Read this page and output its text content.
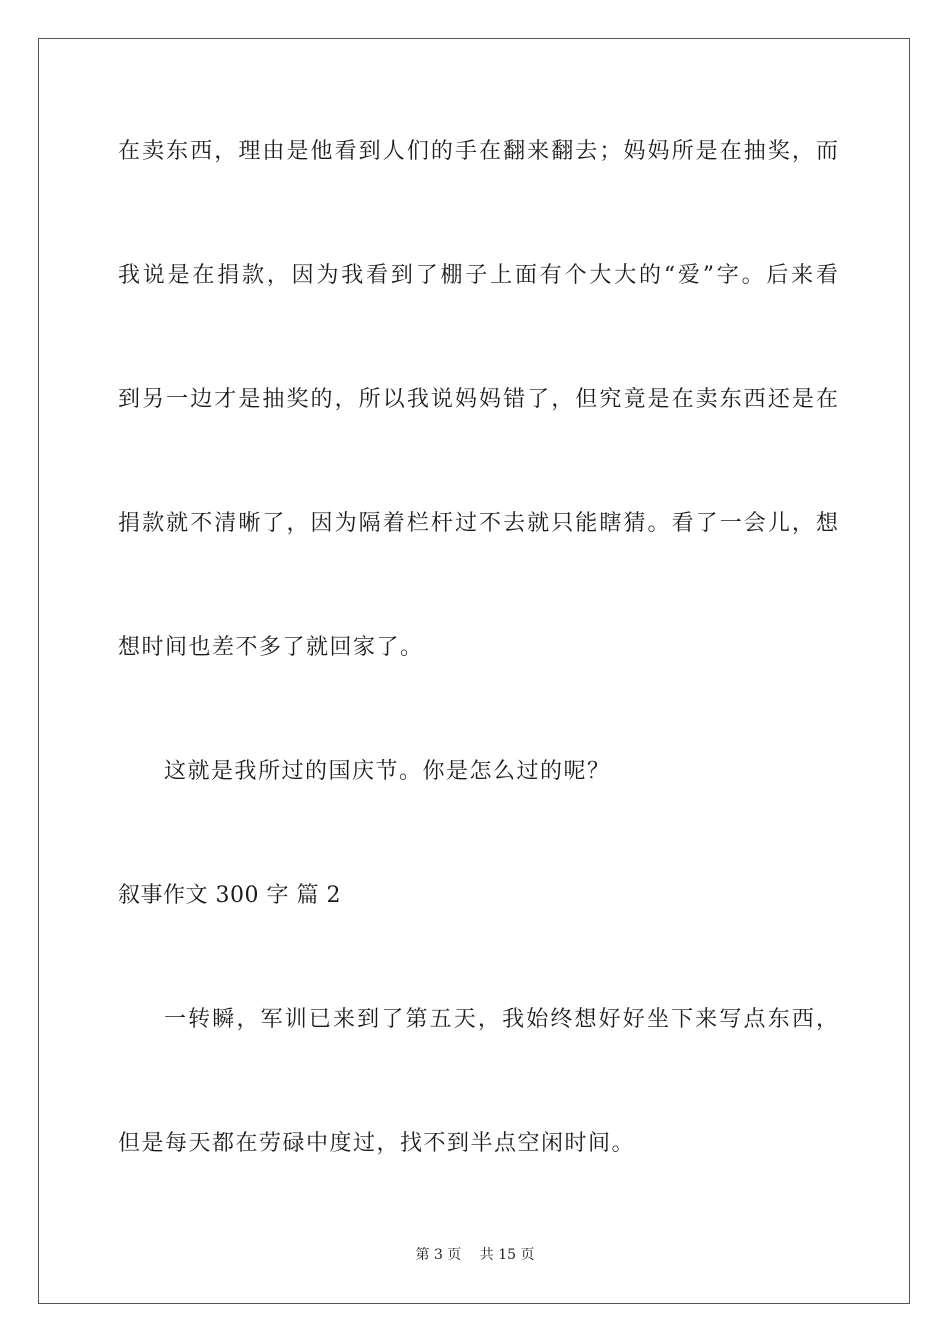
在卖东西，理由是他看到人们的手在翻来翻去；妈妈所是在抽奖，而
我说是在捐款，因为我看到了棚子上面有个大大的“爱”字。后来看
到另一边才是抽奖的，所以我说妈妈错了，但究竟是在卖东西还是在
捐款就不清晰了，因为隔着栏杆过不去就只能瞎猜。看了一会儿，想
想时间也差不多了就回家了。
这就是我所过的国庆节。你是怎么过的呢？
叙事作文 300 字 篇 2
一转瞬，军训已来到了第五天，我始终想好好坐下来写点东西，
但是每天都在劳碌中度过，找不到半点空闲时间。
第 3 页 共 15 页
